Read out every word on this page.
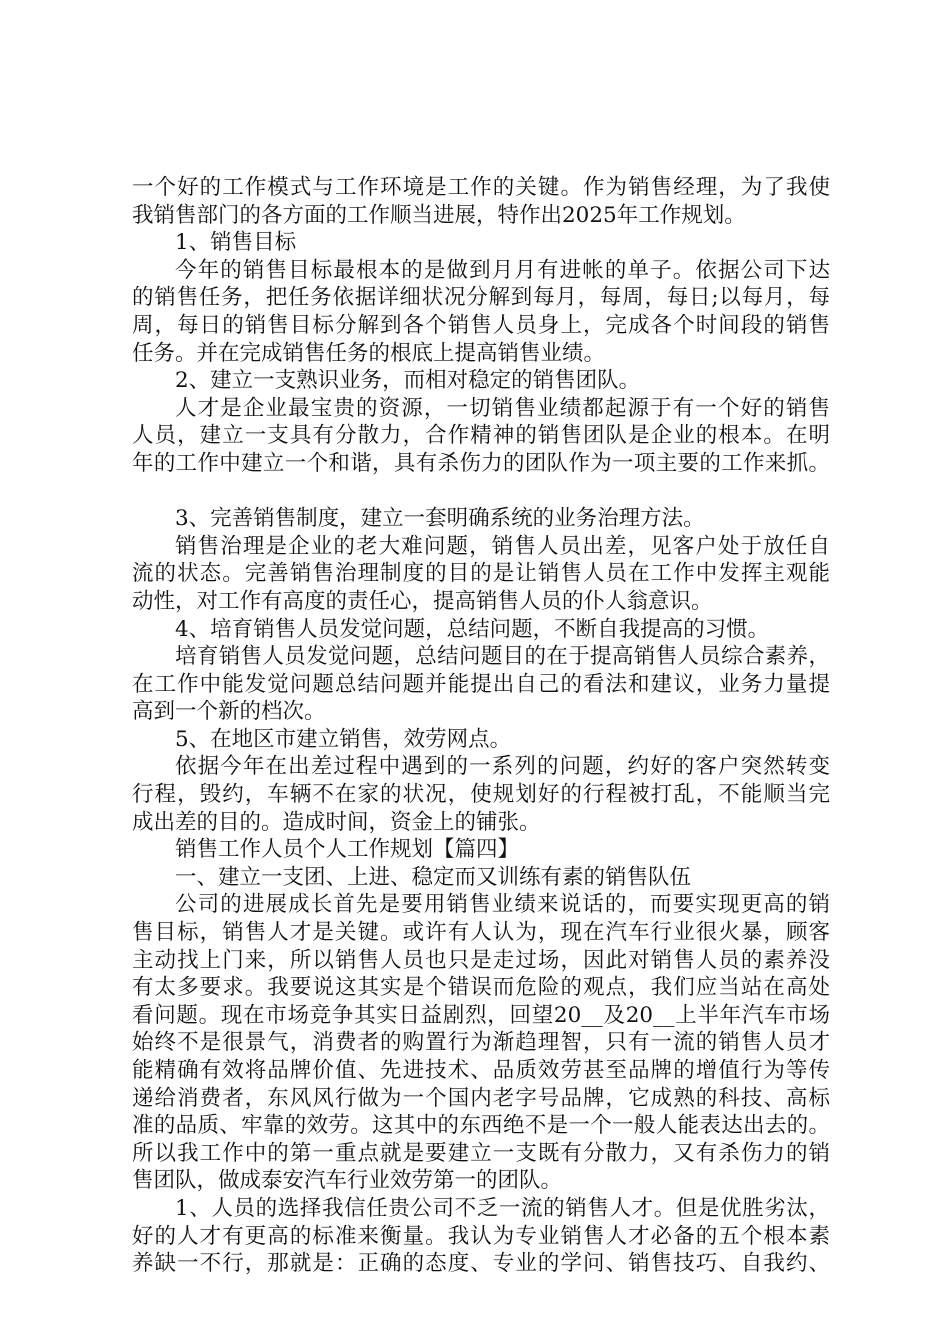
一个好的工作模式与工作环境是工作的关键。作为销售经理，为了我使
我销售部门的各方面的工作顺当进展，特作出2025年工作规划。
1、销售目标
今年的销售目标最根本的是做到月月有进帐的单子。依据公司下达
的销售任务，把任务依据详细状况分解到每月，每周，每日;以每月，每
周，每日的销售目标分解到各个销售人员身上，完成各个时间段的销售
任务。并在完成销售任务的根底上提高销售业绩。
2、建立一支熟识业务，而相对稳定的销售团队。
人才是企业最宝贵的资源，一切销售业绩都起源于有一个好的销售
人员，建立一支具有分散力，合作精神的销售团队是企业的根本。在明
年的工作中建立一个和谐，具有杀伤力的团队作为一项主要的工作来抓。
3、完善销售制度，建立一套明确系统的业务治理方法。
销售治理是企业的老大难问题，销售人员出差，见客户处于放任自
流的状态。完善销售治理制度的目的是让销售人员在工作中发挥主观能
动性，对工作有高度的责任心，提高销售人员的仆人翁意识。
4、培育销售人员发觉问题，总结问题，不断自我提高的习惯。
培育销售人员发觉问题，总结问题目的在于提高销售人员综合素养，
在工作中能发觉问题总结问题并能提出自己的看法和建议，业务力量提
高到一个新的档次。
5、在地区市建立销售，效劳网点。
依据今年在出差过程中遇到的一系列的问题，约好的客户突然转变
行程，毁约，车辆不在家的状况，使规划好的行程被打乱，不能顺当完
成出差的目的。造成时间，资金上的铺张。
销售工作人员个人工作规划【篇四】
一、建立一支团、上进、稳定而又训练有素的销售队伍
公司的进展成长首先是要用销售业绩来说话的，而要实现更高的销
售目标，销售人才是关键。或许有人认为，现在汽车行业很火暴，顾客
主动找上门来，所以销售人员也只是走过场，因此对销售人员的素养没
有太多要求。我要说这其实是个错误而危险的观点，我们应当站在高处
看问题。现在市场竞争其实日益剧烈，回望20__及20__上半年汽车市场
始终不是很景气，消费者的购置行为渐趋理智，只有一流的销售人员才
能精确有效将品牌价值、先进技术、品质效劳甚至品牌的增值行为等传
递给消费者，东风风行做为一个国内老字号品牌，它成熟的科技、高标
准的品质、牢靠的效劳。这其中的东西绝不是一个一般人能表达出去的。
所以我工作中的第一重点就是要建立一支既有分散力，又有杀伤力的销
售团队，做成泰安汽车行业效劳第一的团队。
1、人员的选择我信任贵公司不乏一流的销售人才。但是优胜劣汰，
好的人才有更高的标准来衡量。我认为专业销售人才必备的五个根本素
养缺一不行，那就是：正确的态度、专业的学问、销售技巧、自我约、
